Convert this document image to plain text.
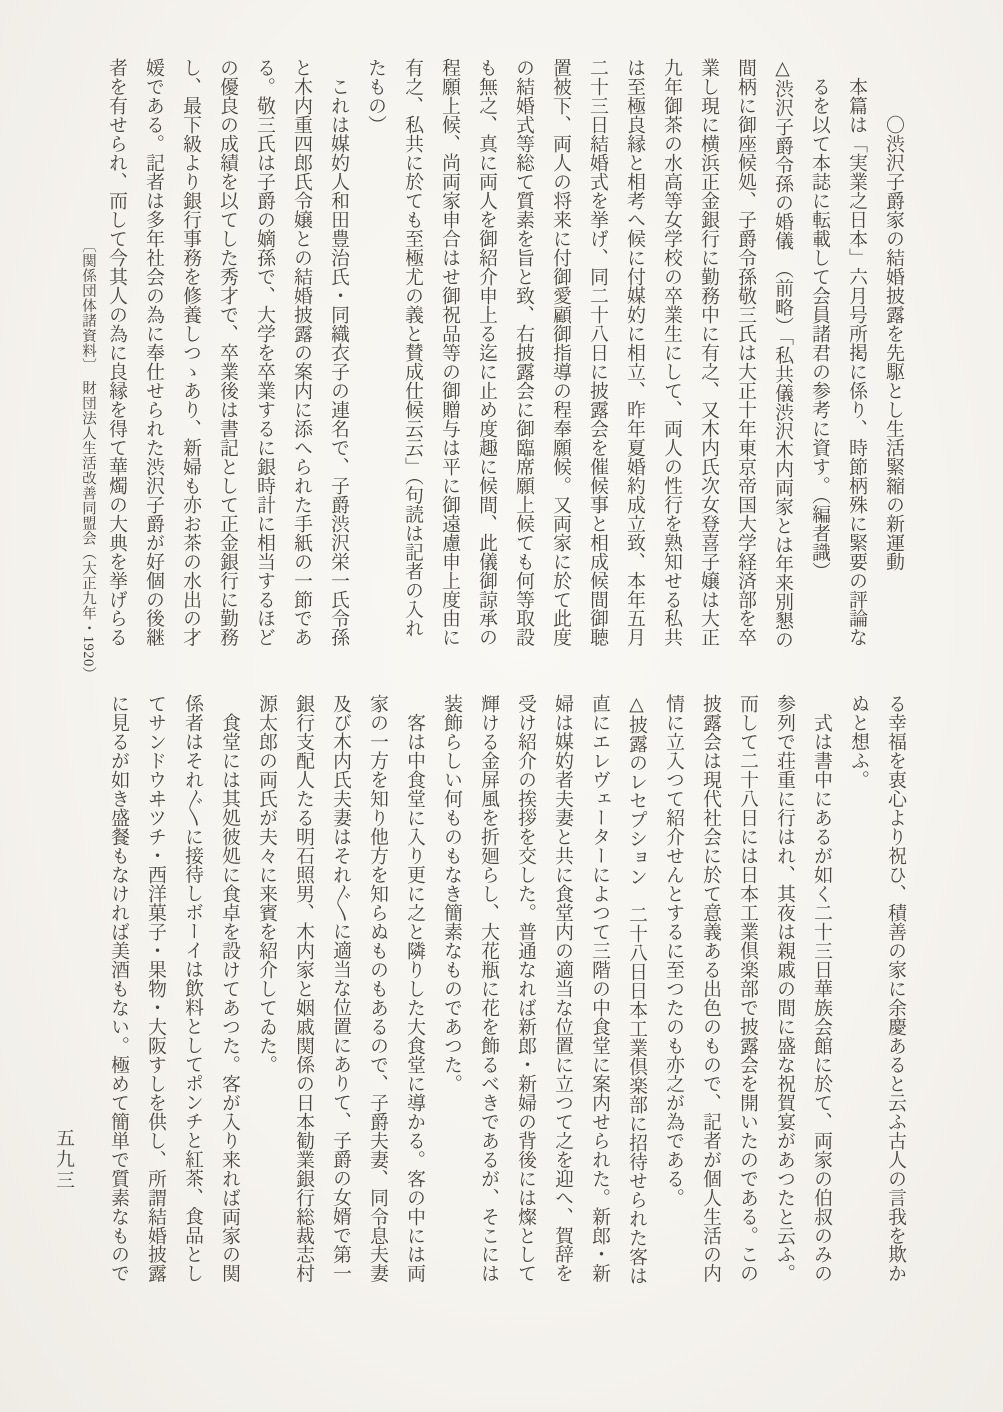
　　　〇渋沢子爵家の結婚披露を先駆とし生活緊縮の新運動
　本篇は「実業之日本」六月号所掲に係り、時節柄殊に緊要の評論な
　るを以て本誌に転載して会員諸君の参考に資す。（編者識）
△渋沢子爵令孫の婚儀　（前略）「私共儀渋沢木内両家とは年来別懇の
間柄に御座候処、子爵令孫敬三氏は大正十年東京帝国大学経済部を卒
業し現に横浜正金銀行に勤務中に有之、又木内氏次女登喜子嬢は大正
九年御茶の水高等女学校の卒業生にして、両人の性行を熟知せる私共
は至極良縁と相考へ候に付媒妁に相立、昨年夏婚約成立致、本年五月
二十三日結婚式を挙げ、同二十八日に披露会を催候事と相成候間御聴
置被下、両人の将来に付御愛顧御指導の程奉願候。又両家に於て此度
の結婚式等総て質素を旨と致、右披露会に御臨席願上候ても何等取設
も無之、真に両人を御紹介申上る迄に止め度趣に候間、此儀御諒承の
程願上候、尚両家申合はせ御祝品等の御贈与は平に御遠慮申上度由に
有之、私共に於ても至極尤の義と賛成仕候云云」（句読は記者の入れ
たもの）
　これは媒妁人和田豊治氏・同織衣子の連名で、子爵渋沢栄一氏令孫
と木内重四郎氏令嬢との結婚披露の案内に添へられた手紙の一節であ
る。敬三氏は子爵の嫡孫で、大学を卒業するに銀時計に相当するほど
の優良の成績を以てした秀才で、卒業後は書記として正金銀行に勤務
し、最下級より銀行事務を修養しつゝあり、新婦も亦お茶の水出の才
媛である。記者は多年社会の為に奉仕せられた渋沢子爵が好個の後継
者を有せられ、而して今其人の為に良縁を得て華燭の大典を挙げらる
〔関係団体諸資料〕　財団法人生活改善同盟会（大正九年・1920）
る幸福を衷心より祝ひ、積善の家に余慶あると云ふ古人の言我を欺か
ぬと想ふ。
　式は書中にあるが如く二十三日華族会館に於て、両家の伯叔のみの
参列で荘重に行はれ、其夜は親戚の間に盛な祝賀宴があつたと云ふ。
而して二十八日には日本工業倶楽部で披露会を開いたのである。この
披露会は現代社会に於て意義ある出色のもので、記者が個人生活の内
情に立入つて紹介せんとするに至つたのも亦之が為である。
△披露のレセプション　二十八日日本工業倶楽部に招待せられた客は
直にエレヴェーターによつて三階の中食堂に案内せられた。新郎・新
婦は媒妁者夫妻と共に食堂内の適当な位置に立つて之を迎へ、賀辞を
受け紹介の挨拶を交した。普通なれば新郎・新婦の背後には燦として
輝ける金屏風を折廻らし、大花瓶に花を飾るべきであるが、そこには
装飾らしい何ものもなき簡素なものであつた。
　客は中食堂に入り更に之と隣りした大食堂に導かる。客の中には両
家の一方を知り他方を知らぬものもあるので、子爵夫妻、同令息夫妻
及び木内氏夫妻はそれ〴〵に適当な位置にありて、子爵の女婿で第一
銀行支配人たる明石照男、木内家と姻戚関係の日本勧業銀行総裁志村
源太郎の両氏が夫々に来賓を紹介してゐた。
　食堂には其処彼処に食卓を設けてあつた。客が入り来れば両家の関
係者はそれ〴〵に接待しボーイは飲料としてポンチと紅茶、食品とし
てサンドウヰツチ・西洋菓子・果物・大阪すしを供し、所謂結婚披露
に見るが如き盛餐もなければ美酒もない。極めて簡単で質素なもので
五九三
